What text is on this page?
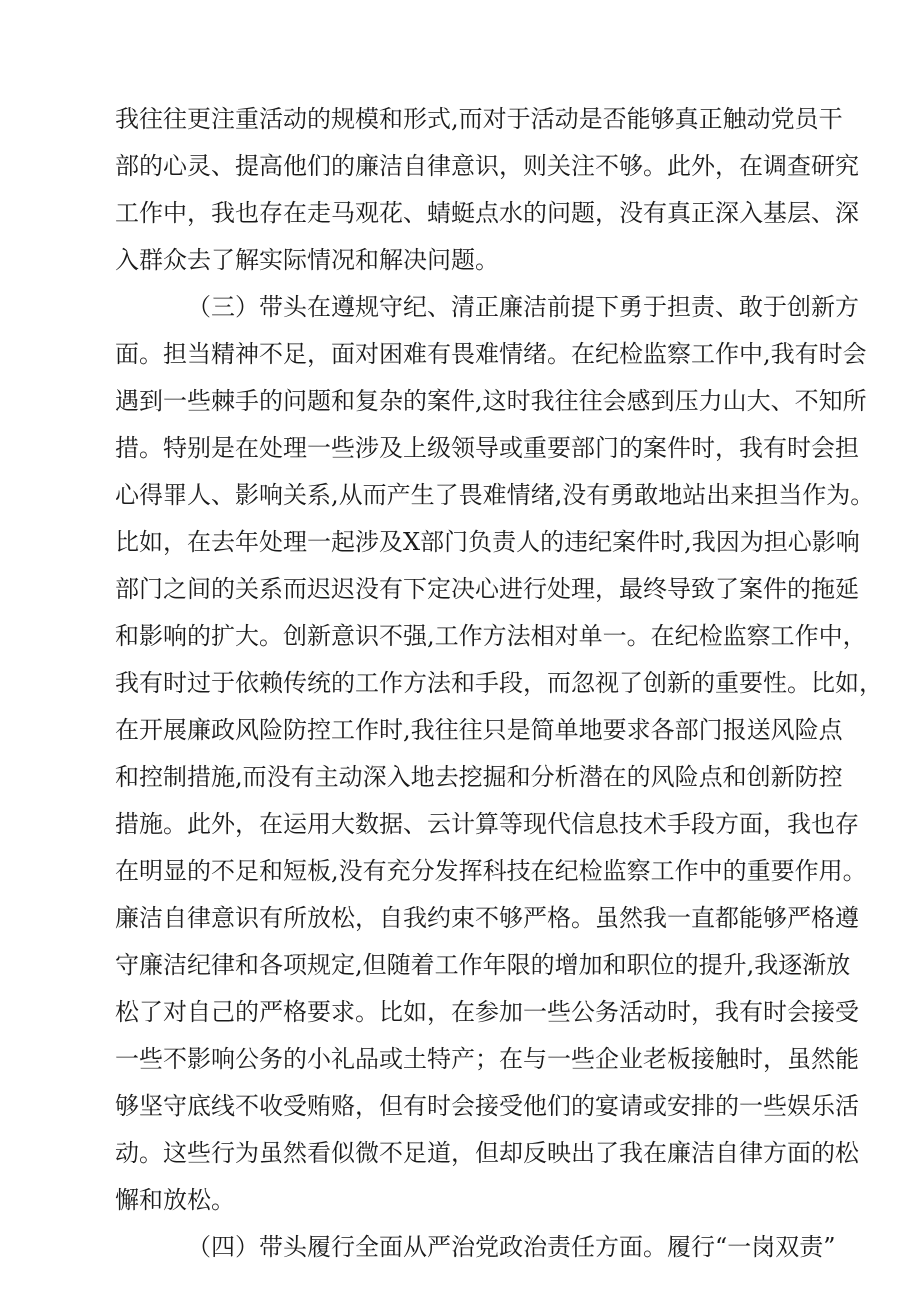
我往往更注重活动的规模和形式,而对于活动是否能够真正触动党员干
部的心灵、提高他们的廉洁自律意识，则关注不够。此外，在调查研究
工作中，我也存在走马观花、蜻蜓点水的问题，没有真正深入基层、深
入群众去了解实际情况和解决问题。
（三）带头在遵规守纪、清正廉洁前提下勇于担责、敢于创新方
面。担当精神不足，面对困难有畏难情绪。在纪检监察工作中,我有时会
遇到一些棘手的问题和复杂的案件,这时我往往会感到压力山大、不知所
措。特别是在处理一些涉及上级领导或重要部门的案件时，我有时会担
心得罪人、影响关系,从而产生了畏难情绪,没有勇敢地站出来担当作为。
比如，在去年处理一起涉及X部门负责人的违纪案件时,我因为担心影响
部门之间的关系而迟迟没有下定决心进行处理，最终导致了案件的拖延
和影响的扩大。创新意识不强,工作方法相对单一。在纪检监察工作中，
我有时过于依赖传统的工作方法和手段，而忽视了创新的重要性。比如，
在开展廉政风险防控工作时,我往往只是简单地要求各部门报送风险点
和控制措施,而没有主动深入地去挖掘和分析潜在的风险点和创新防控
措施。此外，在运用大数据、云计算等现代信息技术手段方面，我也存
在明显的不足和短板,没有充分发挥科技在纪检监察工作中的重要作用。
廉洁自律意识有所放松，自我约束不够严格。虽然我一直都能够严格遵
守廉洁纪律和各项规定,但随着工作年限的增加和职位的提升,我逐渐放
松了对自己的严格要求。比如，在参加一些公务活动时，我有时会接受
一些不影响公务的小礼品或土特产；在与一些企业老板接触时，虽然能
够坚守底线不收受贿赂，但有时会接受他们的宴请或安排的一些娱乐活
动。这些行为虽然看似微不足道，但却反映出了我在廉洁自律方面的松
懈和放松。
（四）带头履行全面从严治党政治责任方面。履行“一岗双责”
